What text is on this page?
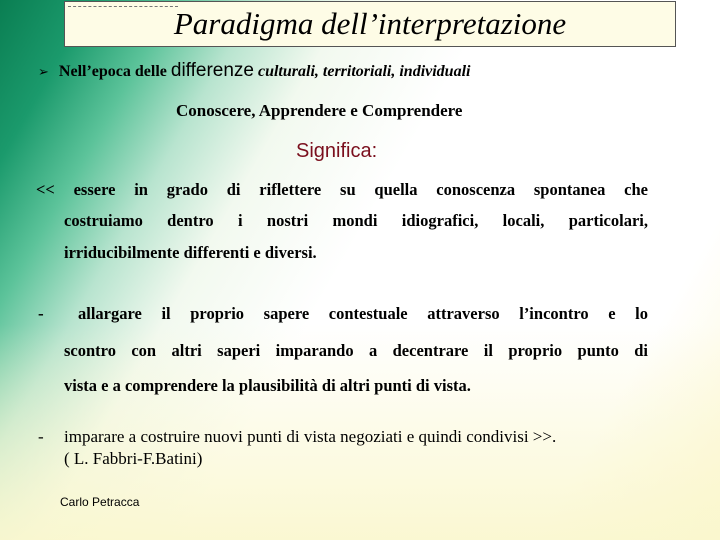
Paradigma dell’interpretazione
➢ Nell’epoca delle differenze culturali, territoriali, individuali
Conoscere, Apprendere e Comprendere
Significa:
<< essere in grado di riflettere su quella conoscenza spontanea che
costruiamo dentro i nostri mondi idiografici, locali, particolari,
irriducibilmente differenti e diversi.
- allargare il proprio sapere contestuale attraverso l’incontro e lo
scontro con altri saperi imparando a decentrare il proprio punto di
vista e a comprendere la plausibilità di altri punti di vista.
- imparare a costruire nuovi punti di vista negoziati e quindi condivisi >>.
( L. Fabbri-F.Batini)
Carlo Petracca
